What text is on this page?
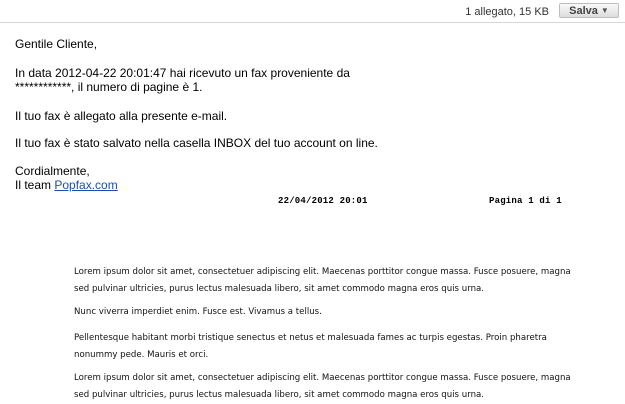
1 allegato, 15 KB Salva ▼

Gentile Cliente,

In data 2012-04-22 20:01:47 hai ricevuto un fax proveniente da

************, il numero di pagine è 1.

Il tuo fax è allegato alla presente e-mail.

Il tuo fax è stato salvato nella casella INBOX del tuo account on line.

Cordialmente,

Il team Popfax.com

22/04/2012 20:01	Pagina 1 di 1

Lorem ipsum dolor sit amet, consectetuer adipiscing elit. Maecenas porttitor congue massa. Fusce posuere, magna sed pulvinar ultricies, purus lectus malesuada libero, sit amet commodo magna eros quis urna.

Nunc viverra imperdiet enim. Fusce est. Vivamus a tellus.

Pellentesque habitant morbi tristique senectus et netus et malesuada fames ac turpis egestas. Proin pharetra nonummy pede. Mauris et orci.

Lorem ipsum dolor sit amet, consectetuer adipiscing elit. Maecenas porttitor congue massa. Fusce posuere, magna sed pulvinar ultricies, purus lectus malesuada libero, sit amet commodo magna eros quis urna.
